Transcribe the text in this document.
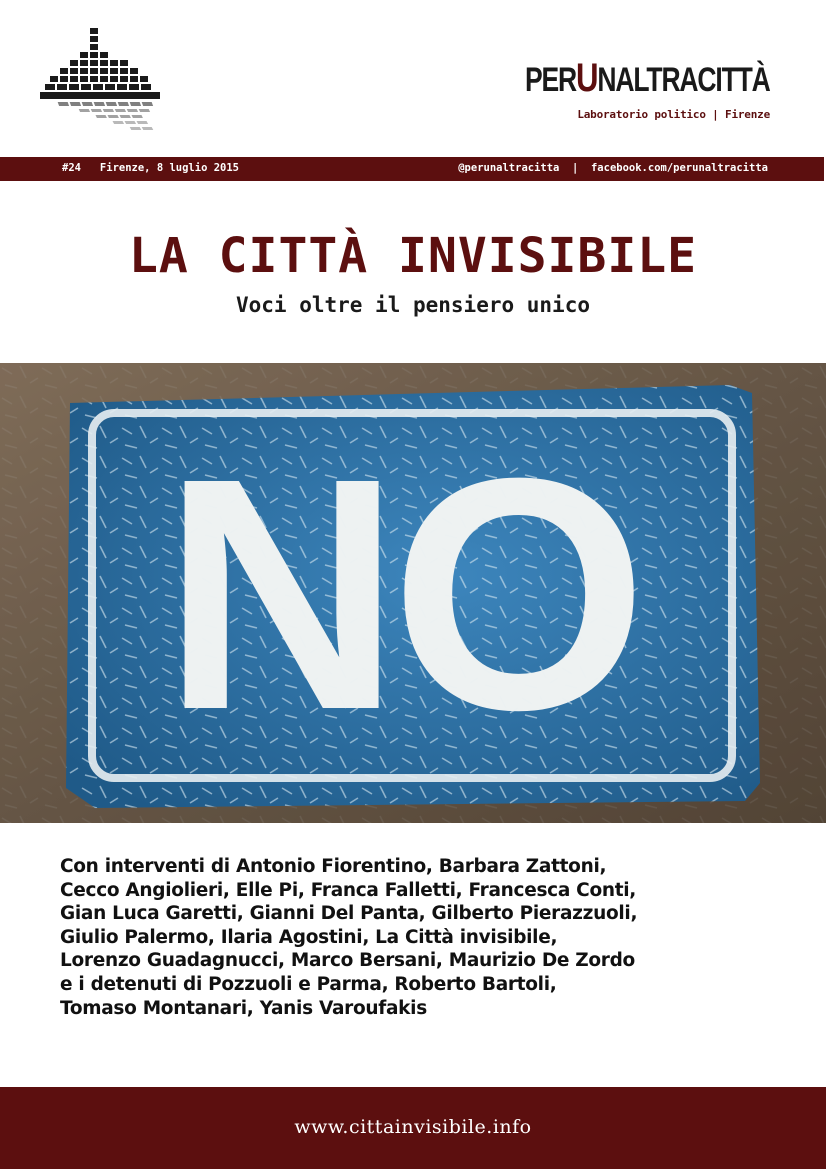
PERUNALTRACITTÀ
Laboratorio politico | Firenze
#24   Firenze, 8 luglio 2015	@perunaltracitta  |  facebook.com/perunaltracitta
LA CITTÀ INVISIBILE
Voci oltre il pensiero unico
NO
Con interventi di Antonio Fiorentino, Barbara Zattoni,
Cecco Angiolieri, Elle Pi, Franca Falletti, Francesca Conti,
Gian Luca Garetti, Gianni Del Panta, Gilberto Pierazzuoli,
Giulio Palermo, Ilaria Agostini, La Città invisibile,
Lorenzo Guadagnucci, Marco Bersani, Maurizio De Zordo
e i detenuti di Pozzuoli e Parma, Roberto Bartoli,
Tomaso Montanari, Yanis Varoufakis
www.cittainvisibile.info
